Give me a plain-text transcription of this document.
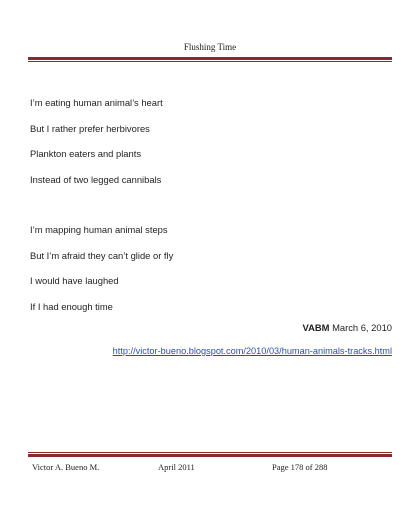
Flushing Time
I’m eating human animal’s heart
But I rather prefer herbivores
Plankton eaters and plants
Instead of two legged cannibals
I’m mapping human animal steps
But I’m afraid they can’t glide or fly
I would have laughed
If I had enough time
VABM March 6, 2010
http://victor-bueno.blogspot.com/2010/03/human-animals-tracks.html
Victor A. Bueno M.	April 2011	Page 178 of 288
